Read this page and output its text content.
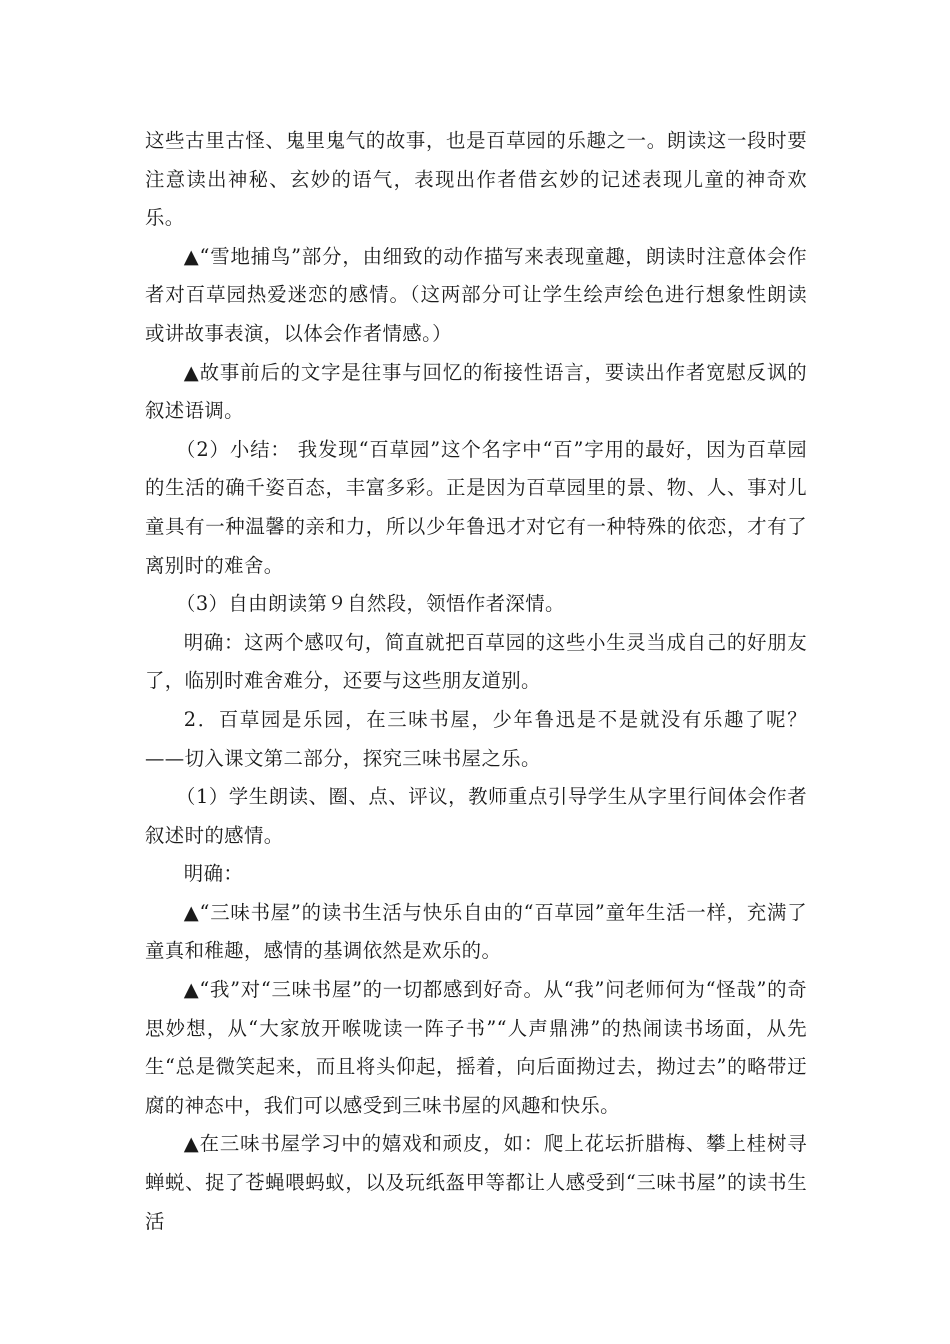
这些古里古怪、鬼里鬼气的故事，也是百草园的乐趣之一。朗读这一段时要注意读出神秘、玄妙的语气，表现出作者借玄妙的记述表现儿童的神奇欢乐。

▲“雪地捕鸟”部分，由细致的动作描写来表现童趣，朗读时注意体会作者对百草园热爱迷恋的感情。（这两部分可让学生绘声绘色进行想象性朗读或讲故事表演，以体会作者情感。）

▲故事前后的文字是往事与回忆的衔接性语言，要读出作者宽慰反讽的叙述语调。

（2）小结： 我发现“百草园”这个名字中“百”字用的最好，因为百草园的生活的确千姿百态，丰富多彩。正是因为百草园里的景、物、人、事对儿童具有一种温馨的亲和力，所以少年鲁迅才对它有一种特殊的依恋，才有了离别时的难舍。

（3）自由朗读第９自然段，领悟作者深情。

明确：这两个感叹句，简直就把百草园的这些小生灵当成自己的好朋友了，临别时难舍难分，还要与这些朋友道别。

2．百草园是乐园，在三味书屋，少年鲁迅是不是就没有乐趣了呢？——切入课文第二部分，探究三味书屋之乐。

（1）学生朗读、圈、点、评议，教师重点引导学生从字里行间体会作者叙述时的感情。

明确：

▲“三味书屋”的读书生活与快乐自由的“百草园”童年生活一样，充满了童真和稚趣，感情的基调依然是欢乐的。

▲“我”对“三味书屋”的一切都感到好奇。从“我”问老师何为“怪哉”的奇思妙想，从“大家放开喉咙读一阵子书”“人声鼎沸”的热闹读书场面，从先生“总是微笑起来，而且将头仰起，摇着，向后面拗过去，拗过去”的略带迂腐的神态中，我们可以感受到三味书屋的风趣和快乐。

▲在三味书屋学习中的嬉戏和顽皮，如：爬上花坛折腊梅、攀上桂树寻蝉蜕、捉了苍蝇喂蚂蚁，以及玩纸盔甲等都让人感受到“三味书屋”的读书生活
